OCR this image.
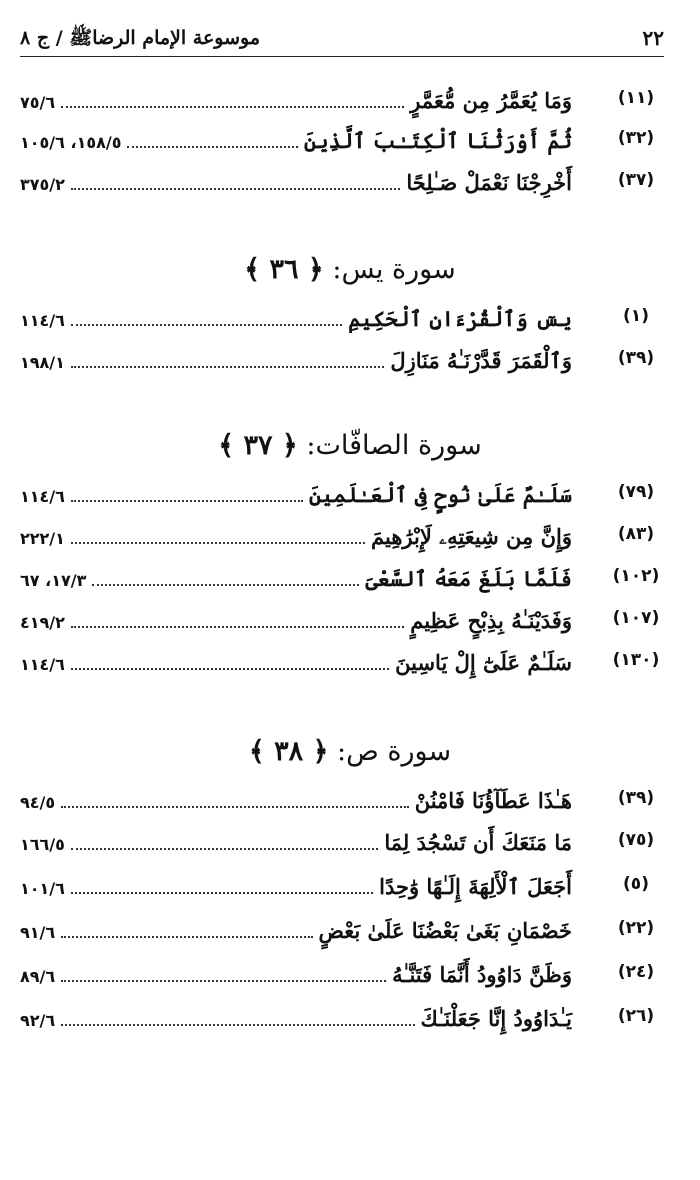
٢٢
موسوعة الإمام الرضاﷺ / ج ٨
(١١)
وَمَا يُعَمَّرُ مِن مُّعَمَّرٍ
٧٥/٦
(٣٢)
ثُمَّ أَوْرَثْنَا ٱلْكِتَـٰبَ ٱلَّذِينَ
١٥٨/٥، ١٠٥/٦
(٣٧)
أَخْرِجْنَا نَعْمَلْ صَـٰلِحًا
٣٧٥/٢
سورة يس: ﴿ ٣٦ ﴾
(١)
يسٓ وَٱلْقُرْءَانِ ٱلْحَكِيمِ
١١٤/٦
(٣٩)
وَٱلْقَمَرَ قَدَّرْنَـٰهُ مَنَازِلَ
١٩٨/١
سورة الصافّات: ﴿ ٣٧ ﴾
(٧٩)
سَلَـٰمٌ عَلَىٰ نُوحٍ فِى ٱلْعَـٰلَمِينَ
١١٤/٦
(٨٣)
وَإِنَّ مِن شِيعَتِهِۦ لَإِبْرَٰهِيمَ
٢٢٢/١
(١٠٢)
فَلَمَّا بَلَغَ مَعَهُ ٱلسَّعْىَ
١٧/٣، ٦٧
(١٠٧)
وَفَدَيْنَـٰهُ بِذِبْحٍ عَظِيمٍ
٤١٩/٢
(١٣٠)
سَلَـٰمٌ عَلَىٰٓ إِلْ يَاسِينَ
١١٤/٦
سورة ص: ﴿ ٣٨ ﴾
(٣٩)
هَـٰذَا عَطَآؤُنَا فَامْنُنْ
٩٤/٥
(٧٥)
مَا مَنَعَكَ أَن تَسْجُدَ لِمَا
١٦٦/٥
(٥)
أَجَعَلَ ٱلْأَلِهَةَ إِلَـٰهًا وَٰحِدًا
١٠١/٦
(٢٢)
خَصْمَانِ بَغَىٰ بَعْضُنَا عَلَىٰ بَعْضٍ
٩١/٦
(٢٤)
وَظَنَّ دَاوُودُ أَنَّمَا فَتَنَّـٰهُ
٨٩/٦
(٢٦)
يَـٰدَاوُودُ إِنَّا جَعَلْنَـٰكَ
٩٢/٦
